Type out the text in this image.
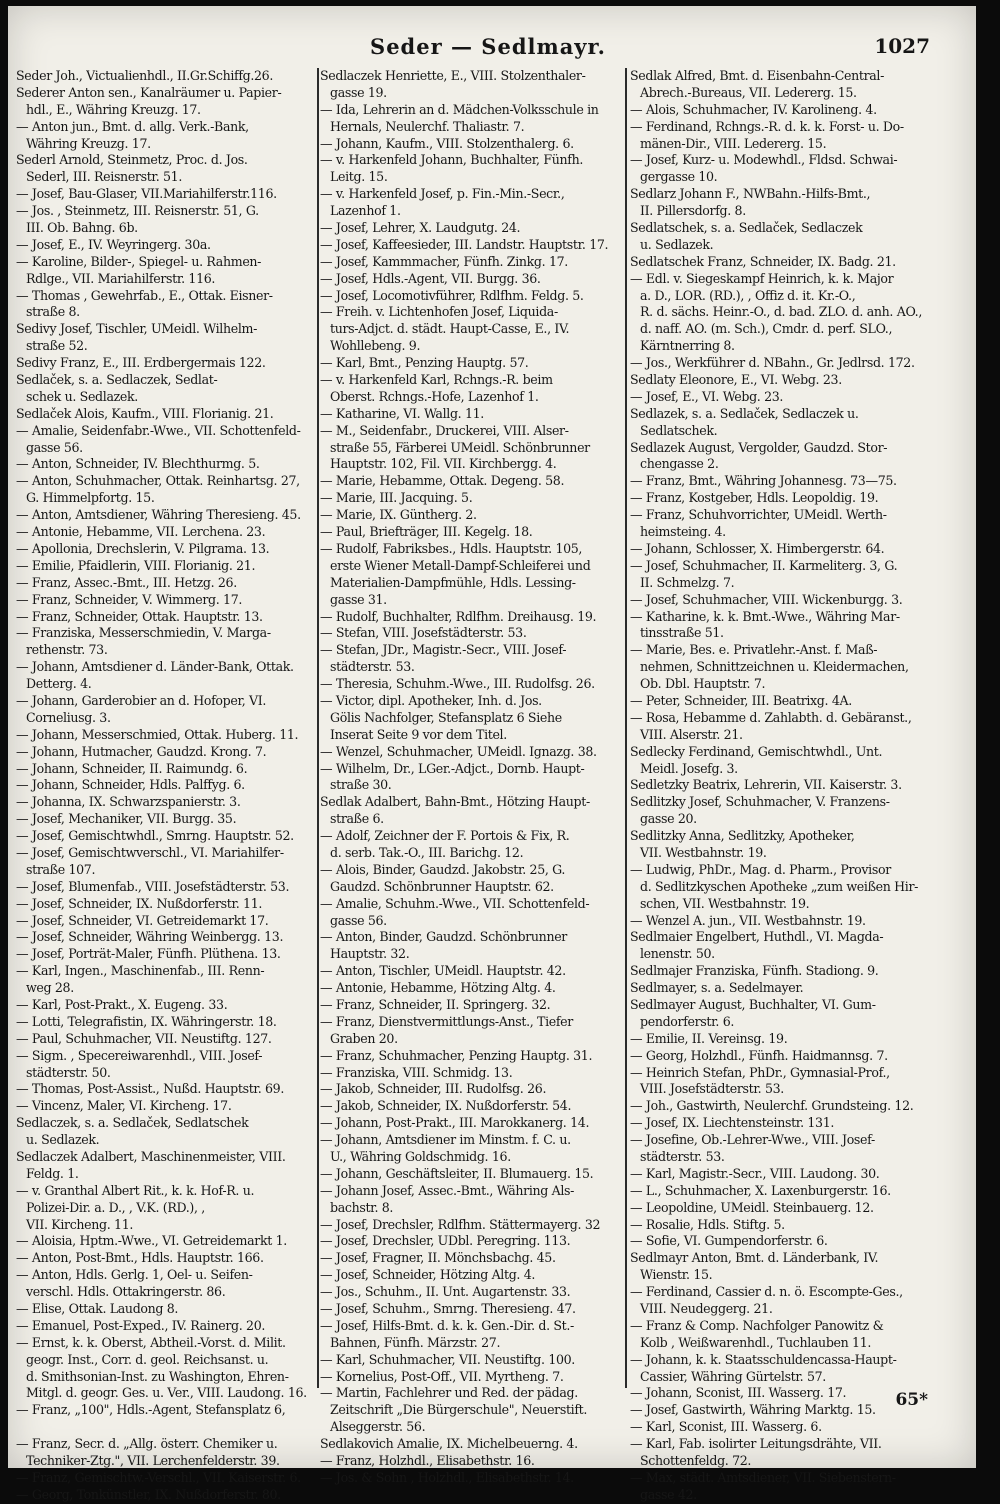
Seder — Sedlmayr.	1027
Seder Joh., Victualienhdl., II.Gr.Schiffg.26.
Sederer Anton sen., Kanalräumer u. Papier-
hdl., E., Währing Kreuzg. 17.
— Anton jun., Bmt. d. allg. Verk.-Bank,
Währing Kreuzg. 17.
Sederl Arnold, Steinmetz, Proc. d. Jos.
Sederl, III. Reisnerstr. 51.
— Josef, Bau-Glaser, VII.Mariahilferstr.116.
— Jos. , Steinmetz, III. Reisnerstr. 51, G.
III. Ob. Bahng. 6b.
— Josef, E., IV. Weyringerg. 30a.
— Karoline, Bilder-, Spiegel- u. Rahmen-
Rdlge., VII. Mariahilferstr. 116.
— Thomas , Gewehrfab., E., Ottak. Eisner-
straße 8.
Sedivy Josef, Tischler, UMeidl. Wilhelm-
straße 52.
Sedivy Franz, E., III. Erdbergermais 122.
Sedlaček, s. a. Sedlaczek, Sedlat-
schek u. Sedlazek.
Sedlaček Alois, Kaufm., VIII. Florianig. 21.
— Amalie, Seidenfabr.-Wwe., VII. Schottenfeld-
gasse 56.
— Anton, Schneider, IV. Blechthurmg. 5.
— Anton, Schuhmacher, Ottak. Reinhartsg. 27,
G. Himmelpfortg. 15.
— Anton, Amtsdiener, Währing Theresieng. 45.
— Antonie, Hebamme, VII. Lerchena. 23.
— Apollonia, Drechslerin, V. Pilgrama. 13.
— Emilie, Pfaidlerin, VIII. Florianig. 21.
— Franz, Assec.-Bmt., III. Hetzg. 26.
— Franz, Schneider, V. Wimmerg. 17.
— Franz, Schneider, Ottak. Hauptstr. 13.
— Franziska, Messerschmiedin, V. Marga-
rethenstr. 73.
— Johann, Amtsdiener d. Länder-Bank, Ottak.
Detterg. 4.
— Johann, Garderobier an d. Hofoper, VI.
Corneliusg. 3.
— Johann, Messerschmied, Ottak. Huberg. 11.
— Johann, Hutmacher, Gaudzd. Krong. 7.
— Johann, Schneider, II. Raimundg. 6.
— Johann, Schneider, Hdls. Palffyg. 6.
— Johanna, IX. Schwarzspanierstr. 3.
— Josef, Mechaniker, VII. Burgg. 35.
— Josef, Gemischtwhdl., Smrng. Hauptstr. 52.
— Josef, Gemischtwverschl., VI. Mariahilfer-
straße 107.
— Josef, Blumenfab., VIII. Josefstädterstr. 53.
— Josef, Schneider, IX. Nußdorferstr. 11.
— Josef, Schneider, VI. Getreidemarkt 17.
— Josef, Schneider, Währing Weinbergg. 13.
— Josef, Porträt-Maler, Fünfh. Plüthena. 13.
— Karl, Ingen., Maschinenfab., III. Renn-
weg 28.
— Karl, Post-Prakt., X. Eugeng. 33.
— Lotti, Telegrafistin, IX. Währingerstr. 18.
— Paul, Schuhmacher, VII. Neustiftg. 127.
— Sigm. , Specereiwarenhdl., VIII. Josef-
städterstr. 50.
— Thomas, Post-Assist., Nußd. Hauptstr. 69.
— Vincenz, Maler, VI. Kircheng. 17.
Sedlaczek, s. a. Sedlaček, Sedlatschek
u. Sedlazek.
Sedlaczek Adalbert, Maschinenmeister, VIII.
Feldg. 1.
— v. Granthal Albert Rit., k. k. Hof-R. u.
Polizei-Dir. a. D., , V.K. (RD.), ,
VII. Kircheng. 11.
— Aloisia, Hptm.-Wwe., VI. Getreidemarkt 1.
— Anton, Post-Bmt., Hdls. Hauptstr. 166.
— Anton, Hdls. Gerlg. 1, Oel- u. Seifen-
verschl. Hdls. Ottakringerstr. 86.
— Elise, Ottak. Laudong 8.
— Emanuel, Post-Exped., IV. Rainerg. 20.
— Ernst, k. k. Oberst, Abtheil.-Vorst. d. Milit.
geogr. Inst., Corr. d. geol. Reichsanst. u.
d. Smithsonian-Inst. zu Washington, Ehren-
Mitgl. d. geogr. Ges. u. Ver., VIII. Laudong. 16.
— Franz, „100", Hdls.-Agent, Stefansplatz 6,
— Franz, Secr. d. „Allg. österr. Chemiker u.
Techniker-Ztg.", VII. Lerchenfelderstr. 39.
— Franz, Gemischtw.-Verschl., VII. Kaiserstr. 6.
— Georg, Tonkünstler, IX. Nußdorferstr. 80.
Sedlaczek Henriette, E., VIII. Stolzenthaler-
gasse 19.
— Ida, Lehrerin an d. Mädchen-Volksschule in
Hernals, Neulerchf. Thaliastr. 7.
— Johann, Kaufm., VIII. Stolzenthalerg. 6.
— v. Harkenfeld Johann, Buchhalter, Fünfh.
Leitg. 15.
— v. Harkenfeld Josef, p. Fin.-Min.-Secr.,
Lazenhof 1.
— Josef, Lehrer, X. Laudgutg. 24.
— Josef, Kaffeesieder, III. Landstr. Hauptstr. 17.
— Josef, Kammmacher, Fünfh. Zinkg. 17.
— Josef, Hdls.-Agent, VII. Burgg. 36.
— Josef, Locomotivführer, Rdlfhm. Feldg. 5.
— Freih. v. Lichtenhofen Josef, Liquida-
turs-Adjct. d. städt. Haupt-Casse, E., IV.
Wohllebeng. 9.
— Karl, Bmt., Penzing Hauptg. 57.
— v. Harkenfeld Karl, Rchngs.-R. beim
Oberst. Rchngs.-Hofe, Lazenhof 1.
— Katharine, VI. Wallg. 11.
— M., Seidenfabr., Druckerei, VIII. Alser-
straße 55, Färberei UMeidl. Schönbrunner
Hauptstr. 102, Fil. VII. Kirchbergg. 4.
— Marie, Hebamme, Ottak. Degeng. 58.
— Marie, III. Jacquing. 5.
— Marie, IX. Güntherg. 2.
— Paul, Briefträger, III. Kegelg. 18.
— Rudolf, Fabriksbes., Hdls. Hauptstr. 105,
erste Wiener Metall-Dampf-Schleiferei und
Materialien-Dampfmühle, Hdls. Lessing-
gasse 31.
— Rudolf, Buchhalter, Rdlfhm. Dreihausg. 19.
— Stefan, VIII. Josefstädterstr. 53.
— Stefan, JDr., Magistr.-Secr., VIII. Josef-
städterstr. 53.
— Theresia, Schuhm.-Wwe., III. Rudolfsg. 26.
— Victor, dipl. Apotheker, Inh. d. Jos.
Gölis Nachfolger, Stefansplatz 6 Siehe
Inserat Seite 9 vor dem Titel.
— Wenzel, Schuhmacher, UMeidl. Ignazg. 38.
— Wilhelm, Dr., LGer.-Adjct., Dornb. Haupt-
straße 30.
Sedlak Adalbert, Bahn-Bmt., Hötzing Haupt-
straße 6.
— Adolf, Zeichner der F. Portois & Fix, R.
d. serb. Tak.-O., III. Barichg. 12.
— Alois, Binder, Gaudzd. Jakobstr. 25, G.
Gaudzd. Schönbrunner Hauptstr. 62.
— Amalie, Schuhm.-Wwe., VII. Schottenfeld-
gasse 56.
— Anton, Binder, Gaudzd. Schönbrunner
Hauptstr. 32.
— Anton, Tischler, UMeidl. Hauptstr. 42.
— Antonie, Hebamme, Hötzing Altg. 4.
— Franz, Schneider, II. Springerg. 32.
— Franz, Dienstvermittlungs-Anst., Tiefer
Graben 20.
— Franz, Schuhmacher, Penzing Hauptg. 31.
— Franziska, VIII. Schmidg. 13.
— Jakob, Schneider, III. Rudolfsg. 26.
— Jakob, Schneider, IX. Nußdorferstr. 54.
— Johann, Post-Prakt., III. Marokkanerg. 14.
— Johann, Amtsdiener im Minstm. f. C. u.
U., Währing Goldschmidg. 16.
— Johann, Geschäftsleiter, II. Blumauerg. 15.
— Johann Josef, Assec.-Bmt., Währing Als-
bachstr. 8.
— Josef, Drechsler, Rdlfhm. Stättermayerg. 32
— Josef, Drechsler, UDbl. Peregring. 113.
— Josef, Fragner, II. Mönchsbachg. 45.
— Josef, Schneider, Hötzing Altg. 4.
— Jos., Schuhm., II. Unt. Augartenstr. 33.
— Josef, Schuhm., Smrng. Theresieng. 47.
— Josef, Hilfs-Bmt. d. k. k. Gen.-Dir. d. St.-
Bahnen, Fünfh. Märzstr. 27.
— Karl, Schuhmacher, VII. Neustiftg. 100.
— Kornelius, Post-Off., VII. Myrtheng. 7.
— Martin, Fachlehrer und Red. der pädag.
Zeitschrift „Die Bürgerschule", Neuerstift.
Alseggerstr. 56.
Sedlakovich Amalie, IX. Michelbeuerng. 4.
— Franz, Holzhdl., Elisabethstr. 16.
— Jos. & Sohn , Holzhdl., Elisabethstr. 14.
Sedlak Alfred, Bmt. d. Eisenbahn-Central-
Abrech.-Bureaus, VII. Ledererg. 15.
— Alois, Schuhmacher, IV. Karolineng. 4.
— Ferdinand, Rchngs.-R. d. k. k. Forst- u. Do-
mänen-Dir., VIII. Ledererg. 15.
— Josef, Kurz- u. Modewhdl., Fldsd. Schwai-
gergasse 10.
Sedlarz Johann F., NWBahn.-Hilfs-Bmt.,
II. Pillersdorfg. 8.
Sedlatschek, s. a. Sedlaček, Sedlaczek
u. Sedlazek.
Sedlatschek Franz, Schneider, IX. Badg. 21.
— Edl. v. Siegeskampf Heinrich, k. k. Major
a. D., LOR. (RD.), , Offiz d. it. Kr.-O.,
R. d. sächs. Heinr.-O., d. bad. ZLO. d. anh. AO.,
d. naff. AO. (m. Sch.), Cmdr. d. perf. SLO.,
Kärntnerring 8.
— Jos., Werkführer d. NBahn., Gr. Jedlrsd. 172.
Sedlaty Eleonore, E., VI. Webg. 23.
— Josef, E., VI. Webg. 23.
Sedlazek, s. a. Sedlaček, Sedlaczek u.
Sedlatschek.
Sedlazek August, Vergolder, Gaudzd. Stor-
chengasse 2.
— Franz, Bmt., Währing Johannesg. 73—75.
— Franz, Kostgeber, Hdls. Leopoldig. 19.
— Franz, Schuhvorrichter, UMeidl. Werth-
heimsteing. 4.
— Johann, Schlosser, X. Himbergerstr. 64.
— Josef, Schuhmacher, II. Karmeliterg. 3, G.
II. Schmelzg. 7.
— Josef, Schuhmacher, VIII. Wickenburgg. 3.
— Katharine, k. k. Bmt.-Wwe., Währing Mar-
tinsstraße 51.
— Marie, Bes. e. Privatlehr.-Anst. f. Maß-
nehmen, Schnittzeichnen u. Kleidermachen,
Ob. Dbl. Hauptstr. 7.
— Peter, Schneider, III. Beatrixg. 4A.
— Rosa, Hebamme d. Zahlabth. d. Gebäranst.,
VIII. Alserstr. 21.
Sedlecky Ferdinand, Gemischtwhdl., Unt.
Meidl. Josefg. 3.
Sedletzky Beatrix, Lehrerin, VII. Kaiserstr. 3.
Sedlitzky Josef, Schuhmacher, V. Franzens-
gasse 20.
Sedlitzky Anna, Sedlitzky, Apotheker,
VII. Westbahnstr. 19.
— Ludwig, PhDr., Mag. d. Pharm., Provisor
d. Sedlitzkyschen Apotheke „zum weißen Hir-
schen, VII. Westbahnstr. 19.
— Wenzel A. jun., VII. Westbahnstr. 19.
Sedlmaier Engelbert, Huthdl., VI. Magda-
lenenstr. 50.
Sedlmajer Franziska, Fünfh. Stadiong. 9.
Sedlmayer, s. a. Sedelmayer.
Sedlmayer August, Buchhalter, VI. Gum-
pendorferstr. 6.
— Emilie, II. Vereinsg. 19.
— Georg, Holzhdl., Fünfh. Haidmannsg. 7.
— Heinrich Stefan, PhDr., Gymnasial-Prof.,
VIII. Josefstädterstr. 53.
— Joh., Gastwirth, Neulerchf. Grundsteing. 12.
— Josef, IX. Liechtensteinstr. 131.
— Josefine, Ob.-Lehrer-Wwe., VIII. Josef-
städterstr. 53.
— Karl, Magistr.-Secr., VIII. Laudong. 30.
— L., Schuhmacher, X. Laxenburgerstr. 16.
— Leopoldine, UMeidl. Steinbauerg. 12.
— Rosalie, Hdls. Stiftg. 5.
— Sofie, VI. Gumpendorferstr. 6.
Sedlmayr Anton, Bmt. d. Länderbank, IV.
Wienstr. 15.
— Ferdinand, Cassier d. n. ö. Escompte-Ges.,
VIII. Neudeggerg. 21.
— Franz & Comp. Nachfolger Panowitz &
Kolb , Weißwarenhdl., Tuchlauben 11.
— Johann, k. k. Staatsschuldencassa-Haupt-
Cassier, Währing Gürtelstr. 57.
— Johann, Sconist, III. Wasserg. 17.
— Josef, Gastwirth, Währing Marktg. 15.
— Karl, Sconist, III. Wasserg. 6.
— Karl, Fab. isolirter Leitungsdrähte, VII.
Schottenfeldg. 72.
— Max, städt. Amtsdiener, VII. Siebenstern-
gasse 42.
65*
